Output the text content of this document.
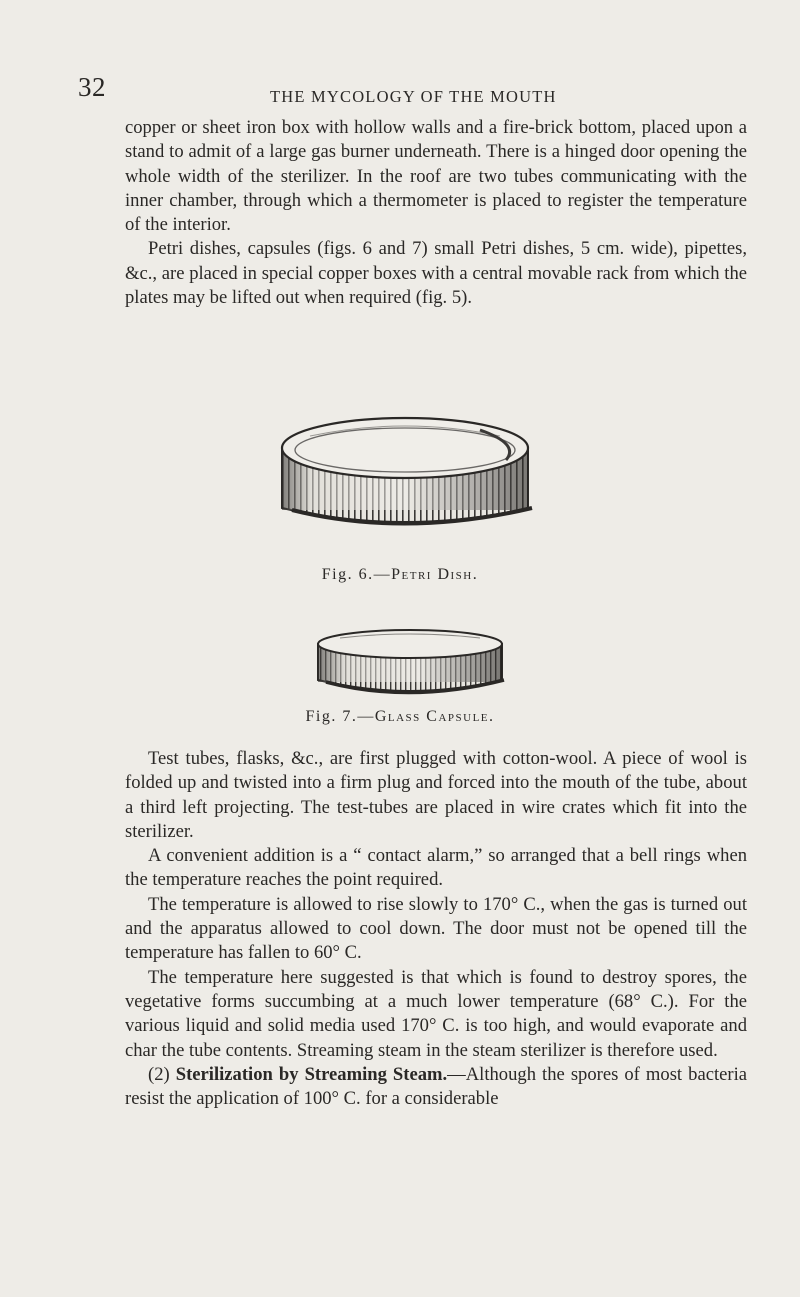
32	THE MYCOLOGY OF THE MOUTH

copper or sheet iron box with hollow walls and a fire-brick bottom, placed upon a stand to admit of a large gas burner underneath. There is a hinged door opening the whole width of the sterilizer. In the roof are two tubes communicating with the inner chamber, through which a thermometer is placed to register the temperature of the interior.

Petri dishes, capsules (figs. 6 and 7) small Petri dishes, 5 cm. wide), pipettes, &c., are placed in special copper boxes with a central movable rack from which the plates may be lifted out when required (fig. 5).

Fig. 6.—Petri Dish.
Fig. 7.—Glass Capsule.

Test tubes, flasks, &c., are first plugged with cotton-wool. A piece of wool is folded up and twisted into a firm plug and forced into the mouth of the tube, about a third left projecting. The test-tubes are placed in wire crates which fit into the sterilizer.

A convenient addition is a “ contact alarm,” so arranged that a bell rings when the temperature reaches the point required.

The temperature is allowed to rise slowly to 170° C., when the gas is turned out and the apparatus allowed to cool down. The door must not be opened till the temperature has fallen to 60° C.

The temperature here suggested is that which is found to destroy spores, the vegetative forms succumbing at a much lower temperature (68° C.). For the various liquid and solid media used 170° C. is too high, and would evaporate and char the tube contents. Streaming steam in the steam sterilizer is therefore used.

(2) Sterilization by Streaming Steam.—Although the spores of most bacteria resist the application of 100° C. for a considerable
